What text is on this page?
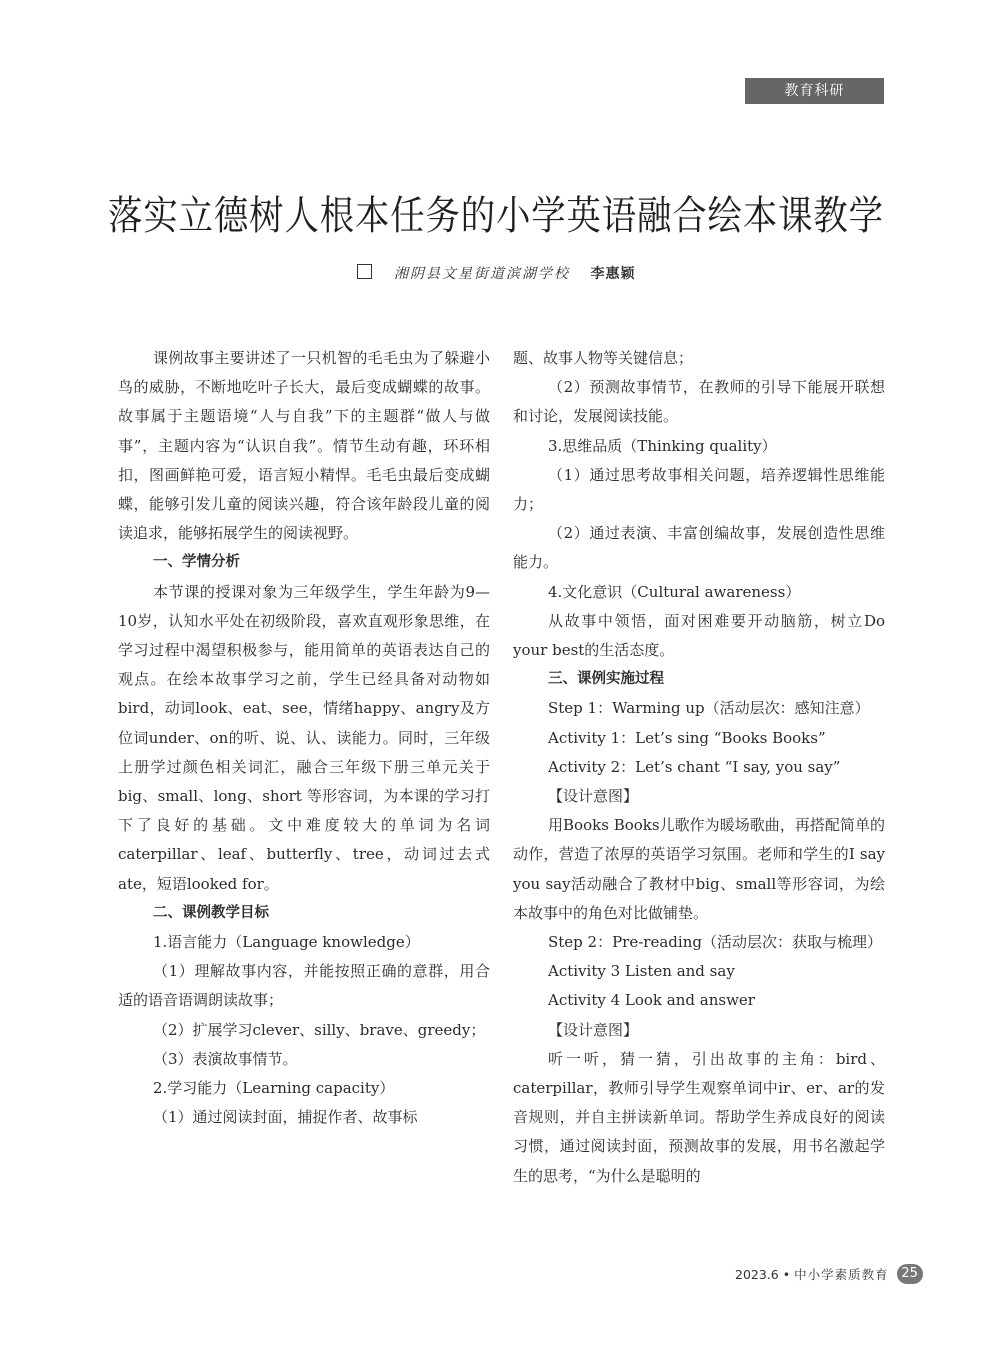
教育科研
落实立德树人根本任务的小学英语融合绘本课教学
湘阴县文星街道滨湖学校 李惠颖

课例故事主要讲述了一只机智的毛毛虫为了躲避小鸟的威胁，不断地吃叶子长大，最后变成蝴蝶的故事。故事属于主题语境“人与自我”下的主题群“做人与做事”，主题内容为“认识自我”。情节生动有趣，环环相扣，图画鲜艳可爱，语言短小精悍。毛毛虫最后变成蝴蝶，能够引发儿童的阅读兴趣，符合该年龄段儿童的阅读追求，能够拓展学生的阅读视野。

一、学情分析

本节课的授课对象为三年级学生，学生年龄为9—10岁，认知水平处在初级阶段，喜欢直观形象思维，在学习过程中渴望积极参与，能用简单的英语表达自己的观点。在绘本故事学习之前，学生已经具备对动物如bird，动词look、eat、see，情绪happy、angry及方位词under、on的听、说、认、读能力。同时，三年级上册学过颜色相关词汇，融合三年级下册三单元关于big、small、long、short 等形容词，为本课的学习打下了良好的基础。文中难度较大的单词为名词caterpillar、leaf、butterfly、tree，动词过去式ate，短语looked for。

二、课例教学目标

1.语言能力（Language knowledge）

（1）理解故事内容，并能按照正确的意群，用合适的语音语调朗读故事；

（2）扩展学习clever、silly、brave、greedy；

（3）表演故事情节。

2.学习能力（Learning capacity）

（1）通过阅读封面，捕捉作者、故事标

题、故事人物等关键信息；

（2）预测故事情节，在教师的引导下能展开联想和讨论，发展阅读技能。

3.思维品质（Thinking quality）

（1）通过思考故事相关问题，培养逻辑性思维能力；

（2）通过表演、丰富创编故事，发展创造性思维能力。

4.文化意识（Cultural awareness）

从故事中领悟，面对困难要开动脑筋，树立Do your best的生活态度。

三、课例实施过程

Step 1：Warming up（活动层次：感知注意）

Activity 1：Let’s sing “Books Books”

Activity 2：Let’s chant “I say, you say”

【设计意图】

用Books Books儿歌作为暖场歌曲，再搭配简单的动作，营造了浓厚的英语学习氛围。老师和学生的I say you say活动融合了教材中big、small等形容词，为绘本故事中的角色对比做铺垫。

Step 2：Pre-reading（活动层次：获取与梳理）

Activity 3 Listen and say

Activity 4 Look and answer

【设计意图】

听一听，猜一猜，引出故事的主角：bird、caterpillar，教师引导学生观察单词中ir、er、ar的发音规则，并自主拼读新单词。帮助学生养成良好的阅读习惯，通过阅读封面，预测故事的发展，用书名激起学生的思考，“为什么是聪明的

2023.6 • 中小学素质教育 25
